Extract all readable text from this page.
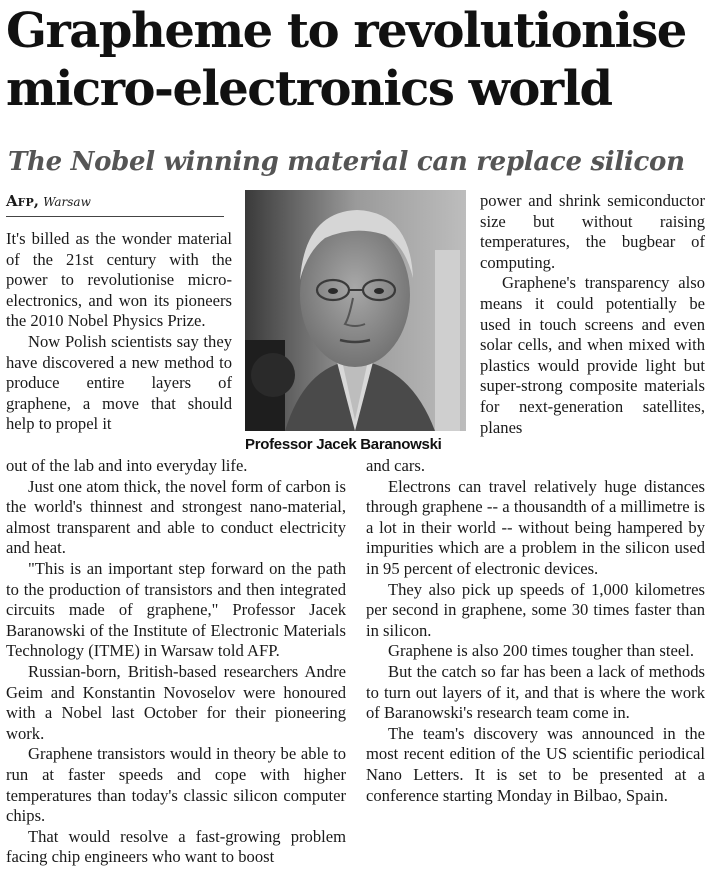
Grapheme to revolutionise
micro-electronics world
The Nobel winning material can replace silicon
Afp, Warsaw

It's billed as the wonder material of the 21st century with the power to revolutionise micro-electronics, and won its pioneers the 2010 Nobel Physics Prize.

Now Polish scientists say they have discovered a new method to produce entire layers of graphene, a move that should help to propel it

Professor Jacek Baranowski

power and shrink semiconductor size but without raising temperatures, the bugbear of computing.

Graphene's transparency also means it could potentially be used in touch screens and even solar cells, and when mixed with plastics would provide light but super-strong composite materials for next-generation satellites, planes

out of the lab and into everyday life.

Just one atom thick, the novel form of carbon is the world's thinnest and strongest nano-material, almost transparent and able to conduct electricity and heat.

"This is an important step forward on the path to the production of transistors and then integrated circuits made of graphene," Professor Jacek Baranowski of the Institute of Electronic Materials Technology (ITME) in Warsaw told AFP.

Russian-born, British-based researchers Andre Geim and Konstantin Novoselov were honoured with a Nobel last October for their pioneering work.

Graphene transistors would in theory be able to run at faster speeds and cope with higher temperatures than today's classic silicon computer chips.

That would resolve a fast-growing problem facing chip engineers who want to boost

and cars.

Electrons can travel relatively huge distances through graphene -- a thousandth of a millimetre is a lot in their world -- without being hampered by impurities which are a problem in the silicon used in 95 percent of electronic devices.

They also pick up speeds of 1,000 kilometres per second in graphene, some 30 times faster than in silicon.

Graphene is also 200 times tougher than steel.

But the catch so far has been a lack of methods to turn out layers of it, and that is where the work of Baranowski's research team come in.

The team's discovery was announced in the most recent edition of the US scientific periodical Nano Letters. It is set to be presented at a conference starting Monday in Bilbao, Spain.
